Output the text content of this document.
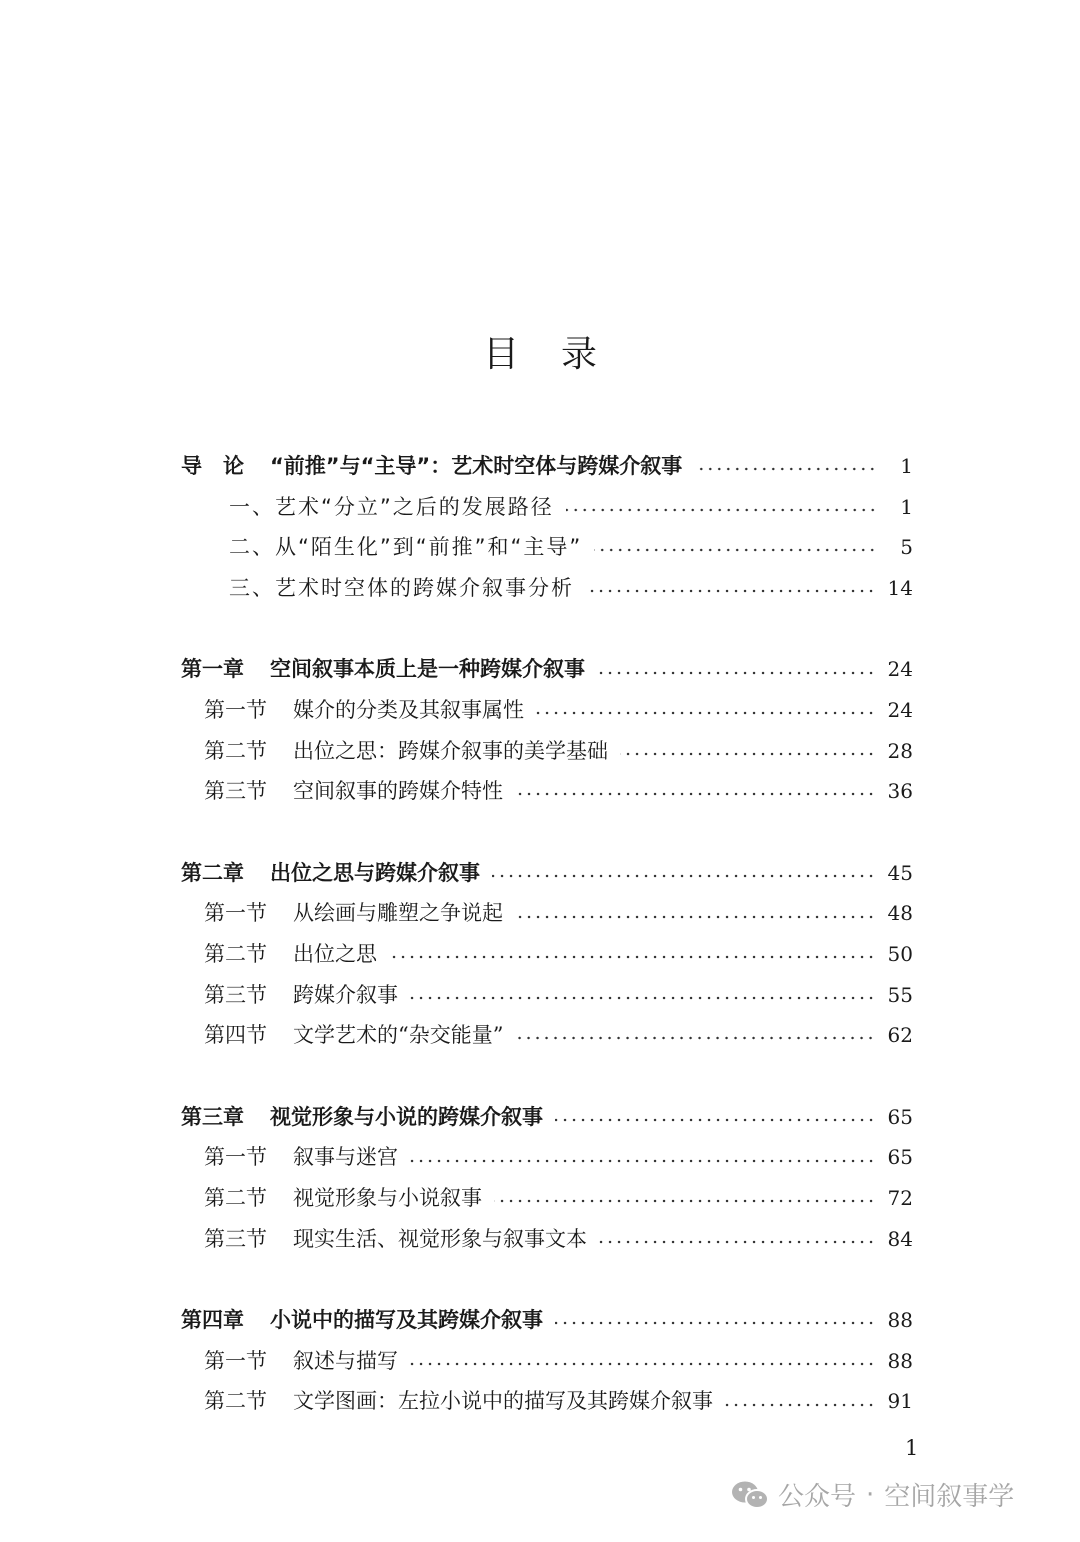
目 录
导　论 “前推”与“主导”：艺术时空体与跨媒介叙事	1
一、艺术“分立”之后的发展路径	1
二、从“陌生化”到“前推”和“主导”	5
三、艺术时空体的跨媒介叙事分析	14
第一章 空间叙事本质上是一种跨媒介叙事	24
第一节 媒介的分类及其叙事属性	24
第二节 出位之思：跨媒介叙事的美学基础	28
第三节 空间叙事的跨媒介特性	36
第二章 出位之思与跨媒介叙事	45
第一节 从绘画与雕塑之争说起	48
第二节 出位之思	50
第三节 跨媒介叙事	55
第四节 文学艺术的“杂交能量”	62
第三章 视觉形象与小说的跨媒介叙事	65
第一节 叙事与迷宫	65
第二节 视觉形象与小说叙事	72
第三节 现实生活、视觉形象与叙事文本	84
第四章 小说中的描写及其跨媒介叙事	88
第一节 叙述与描写	88
第二节 文学图画：左拉小说中的描写及其跨媒介叙事	91
1
公众号 · 空间叙事学
